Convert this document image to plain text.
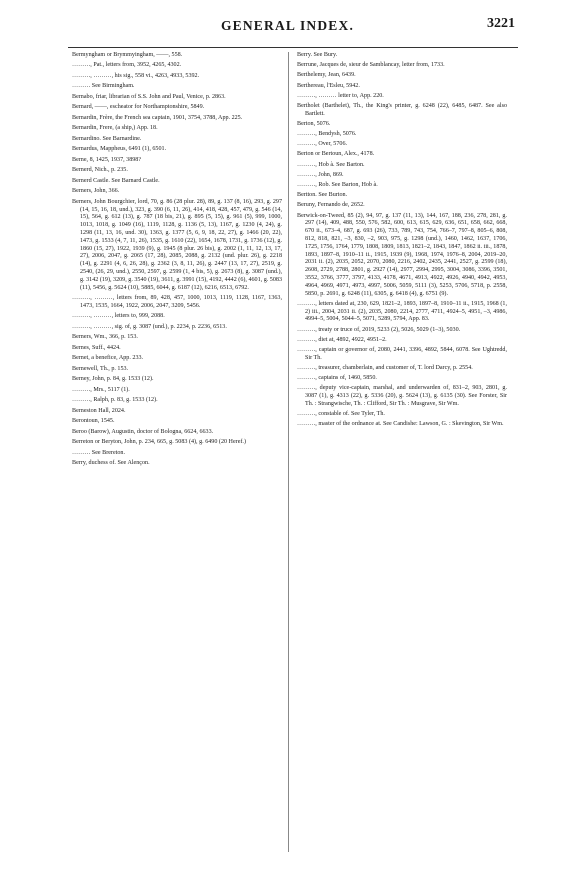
GENERAL INDEX.	3221
Bermyngham or Brymmyingham, ——, 558.
………, Pat., letters from, 3952, 4265, 4302.
………, ………, his sig., 558 vi., 4263, 4933, 5392.
……… See Birmingham.
Bernabo, friar, librarian of S.S. John and Paul, Venice, p. 2863.
Bernard, ——, escheator for Northamptonshire, 5849.
Bernardin, Frère, the French sea captain, 1901, 3754, 3788, App. 225.
Bernardin, Frere, (a ship,) App. 18.
Bernardino. See Barnardine.
Bernardus, Mappheus, 6491 (1), 6501.
Berne, 8, 1425, 1937, 3898?
Bernerd, Nich., p. 235.
Bernerd Castle. See Barnard Castle.
Berners, John, 366.
Berners, John Bourgchier, lord, 70, g. 86 (28 plur. 28), 89, g. 137 (8, 16), 293, g. 297 (14, 15, 16, 18, und.), 323, g. 390 (6, 11, 26), 414, 418, 428, 457, 479, g. 546 (14, 15), 564, g. 612 (13), g. 787 (18 bis, 21), g. 895 (5, 15), g. 961 (5), 999, 1000, 1013, 1018, g. 1049 (16), 1119, 1128, g. 1136 (5, 13), 1167, g. 1230 (4, 24), g. 1298 (11, 13, 16, und. 30), 1363, g. 1377 (5, 6, 9, 18, 22, 27), g. 1466 (20, 22), 1473, g. 1533 (4, 7, 11, 26), 1535, g. 1610 (22), 1654, 1678, 1731, g. 1736 (12), g. 1860 (15, 27), 1922, 1939 (9), g. 1945 (8 plur. 26 bis), g. 2002 (1, 11, 12, 13, 17, 27), 2006, 2047, g. 2065 (17, 28), 2085, 2088, g. 2132 (und. plur. 26), g. 2218 (14), g. 2291 (4, 6, 26, 28), g. 2362 (3, 8, 11, 26), g. 2447 (13, 17, 27), 2519, g. 2540, (26, 29, und.), 2550, 2597, g. 2599 (1, 4 bis, 5), g. 2673 (8), g. 3087 (und.), g. 3142 (19), 3209, g. 3540 (19), 3611, g. 3991 (15), 4192, 4442 (6), 4601, g. 5083 (11), 5456, g. 5624 (10), 5885, 6044, g. 6187 (12), 6216, 6513, 6792.
………, ………, letters from, 89, 428, 457, 1000, 1013, 1119, 1128, 1167, 1363, 1473, 1535, 1664, 1922, 2006, 2047, 3209, 5456.
………, ………, letters to, 999, 2088.
………, ………, sig. of, g. 3087 (und.), p. 2234, p. 2236, 6513.
Berners, Wm., 366, p. 153.
Bernes, Suff., 4424.
Bernet, a benefice, App. 233.
Bernewell, Th., p. 153.
Berney, John, p. 84, g. 1533 (12).
………, Mrs., 5117 (1).
………, Ralph, p. 83, g. 1533 (12).
Berneston Hall, 2024.
Berontoun, 1545.
Beroo (Barow), Augustin, doctor of Bologna, 6624, 6633.
Berreton or Beryton, John, p. 234, 665, g. 5083 (4), g. 6490 (20 Heref.)
……… See Brereton.
Berry, duchess of. See Alençon.
Berry. See Bury.
Berrune, Jacques de, sieur de Samblancay, letter from, 1733.
Berthelemy, Jean, 6439.
Berthereau, l'Esleu, 5942.
………, ……… letter to, App. 220.
Bertholet (Barthelet), Th., the King's printer, g. 6248 (22), 6485, 6487. See also Bartlett.
Berton, 5076.
………, Bendysh, 5076.
………, Over, 5706.
Berton or Bertoun, Alex., 4178.
………, Hob à. See Barton.
………, John, 869.
………, Rob. See Barton, Hob à.
Bertton. See Burton.
Beruny, Fernando de, 2652.
Berwick-on-Tweed, 85 (2), 94, 97, g. 137 (11, 13), 144, 167, 188, 236, 278, 281, g. 297 (14), 409, 488, 550, 576, 582, 600, 613, 615, 629, 636, 651, 658, 662, 668, 670 ii., 673–4, 687, g. 693 (26), 733, 789, 743, 754, 766–7, 797–8, 805–6, 808, 812, 818, 821, –3, 830, –2, 903, 975, g. 1298 (und.), 1460, 1462, 1637, 1706, 1725, 1756, 1764, 1779, 1808, 1809, 1813, 1821–2, 1843, 1847, 1862 ii. iii., 1878, 1893, 1897–8, 1910–11 ii., 1915, 1939 (9), 1968, 1974, 1976–8, 2004, 2019–20, 2031 ii. (2), 2035, 2052, 2070, 2080, 2216, 2402, 2435, 2441, 2527, g. 2599 (18), 2608, 2729, 2788, 2801, g. 2927 (14), 2977, 2994, 2995, 3004, 3086, 3396, 3501, 3552, 3766, 3777, 3797, 4133, 4178, 4671, 4913, 4922, 4926, 4940, 4942, 4953, 4964, 4969, 4971, 4973, 4997, 5006, 5059, 5111 (3), 5253, 5706, 5718, p. 2558, 5850, p. 2691, g. 6248 (11), 6305, g. 6418 (4), g. 6751 (9).
………, letters dated at, 230, 629, 1821–2, 1893, 1897–8, 1910–11 ii., 1915, 1968 (1, 2) iii., 2004, 2031 ii. (2), 2035, 2080, 2214, 2777, 4711, 4924–5, 4951, –3, 4986, 4994–5, 5004, 5044–5, 5071, 5289, 5794, App. 83.
………, treaty or truce of, 2019, 5233 (2), 5026, 5029 (1–3), 5030.
………, diet at, 4892, 4922, 4951–2.
………, captain or governor of, 2080, 2441, 3396, 4892, 5844, 6078. See Ughtredd, Sir Th.
………, treasurer, chamberlain, and customer of, T. lord Darcy, p. 2554.
………, captains of, 1460, 5850.
………, deputy vice-captain, marshal, and underwarden of, 831–2, 903, 2801, g. 3087 (1), g. 4313 (22), g. 5336 (20), g. 5624 (13), g. 6135 (30). See Forster, Sir Th. : Strangwische, Th. : Clifford, Sir Th. : Musgrave, Sir Wm.
………, constable of. See Tyler, Th.
………, master of the ordnance at. See Candishe: Lawson, G. : Skevington, Sir Wm.
